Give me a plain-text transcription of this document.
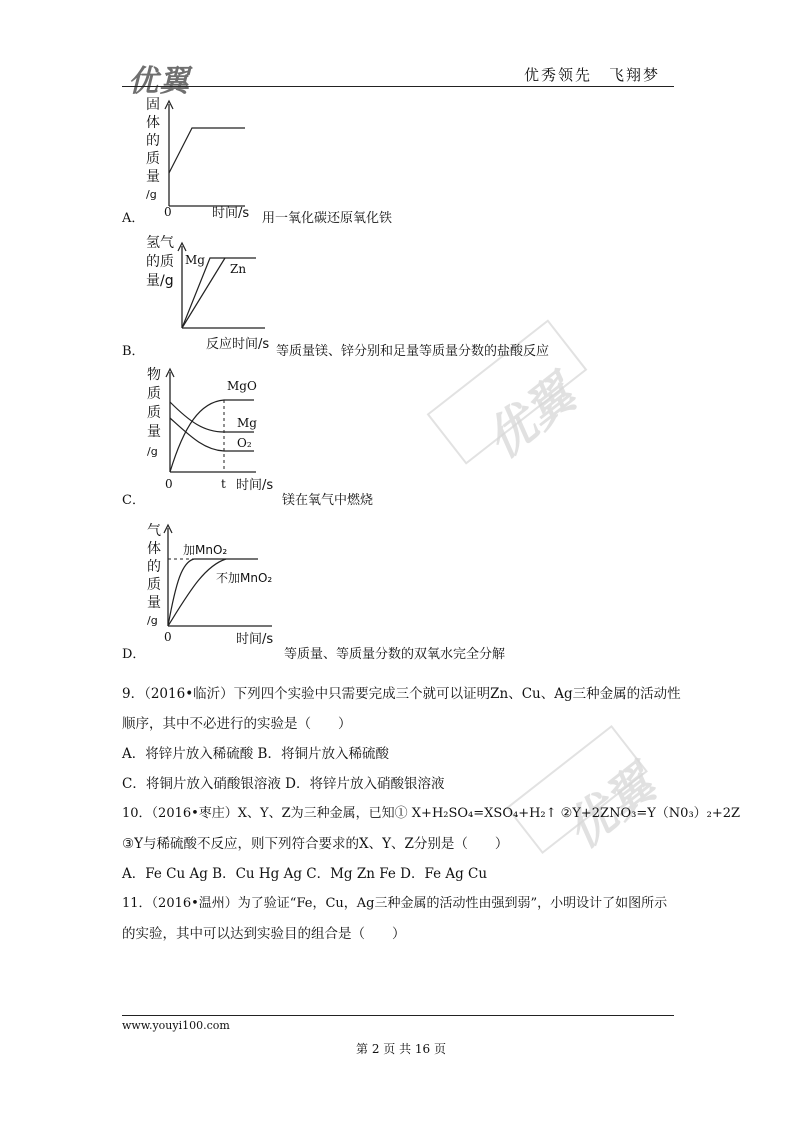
优翼
优翼
优翼	优秀领先　飞翔梦
A．
固
体
的
质
量
/g
0	时间/s 用一氧化碳还原氧化铁
B．
氢气
的质
量/g
Mg
Zn
反应时间/s 等质量镁、锌分别和足量等质量分数的盐酸反应
C．
物
质
质
量
/g
MgO
Mg
O₂
0	t 时间/s
镁在氧气中燃烧
D．
气
体
的
质
量
/g
加MnO₂
不加MnO₂
0	时间/s
等质量、等质量分数的双氧水完全分解
9．（2016•临沂）下列四个实验中只需要完成三个就可以证明Zn、Cu、Ag三种金属的活动性
顺序，其中不必进行的实验是（　　）
A．将锌片放入稀硫酸 B．将铜片放入稀硫酸
C．将铜片放入硝酸银溶液 D．将锌片放入硝酸银溶液
10．（2016•枣庄）X、Y、Z为三种金属，已知① X+H₂SO₄=XSO₄+H₂↑ ②Y+2ZNO₃=Y（N0₃）₂+2Z
③Y与稀硫酸不反应，则下列符合要求的X、Y、Z分别是（　　）
A．Fe Cu Ag B．Cu Hg Ag C．Mg Zn Fe D．Fe Ag Cu
11．（2016•温州）为了验证“Fe，Cu，Ag三种金属的活动性由强到弱”，小明设计了如图所示
的实验，其中可以达到实验目的组合是（　　）
www.youyi100.com
第 2 页 共 16 页
